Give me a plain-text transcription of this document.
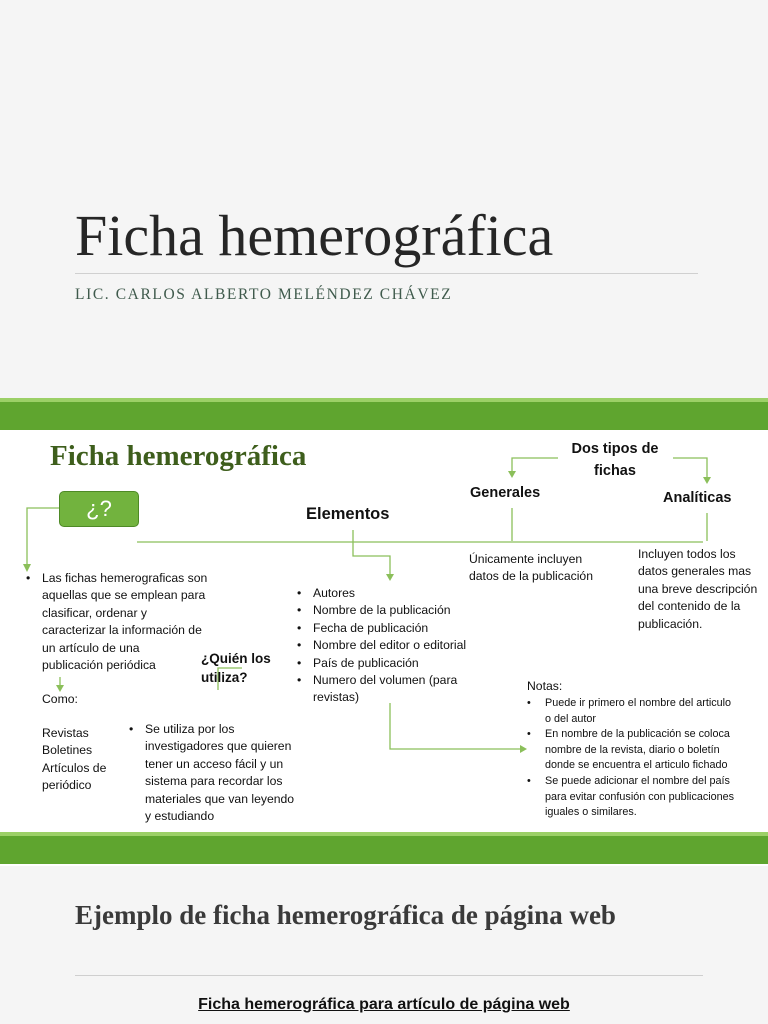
Ficha hemerográfica
LIC. CARLOS ALBERTO MELÉNDEZ CHÁVEZ
Ficha hemerográfica
¿?

• Las fichas hemerograficas son

aquellas que se emplean para

clasificar, ordenar y

caracterizar la información de

un artículo de una

publicación periódica

Como:

Revistas

Boletines

Artículos de

periódico

¿Quién los
utiliza?

• Se utiliza por los

investigadores que quieren

tener un acceso fácil y un

sistema para recordar los

materiales que van leyendo

y estudiando

Elementos
• Autores
• Nombre de la publicación
• Fecha de publicación
• Nombre del editor o editorial
• País de publicación

• Numero del volumen (para

revistas)

Dos tipos de
fichas
Generales	Analíticas

Únicamente incluyen

datos de la publicación

Incluyen todos los

datos generales mas

una breve descripción

del contenido de la

publicación.

Notas:

• Puede ir primero el nombre del articulo

o del autor

• En nombre de la publicación se coloca

nombre de la revista, diario o boletín

donde se encuentra el articulo fichado

• Se puede adicionar el nombre del país

para evitar confusión con publicaciones

iguales o similares.

Ejemplo de ficha hemerográfica de página web
Ficha hemerográfica para artículo de página web
